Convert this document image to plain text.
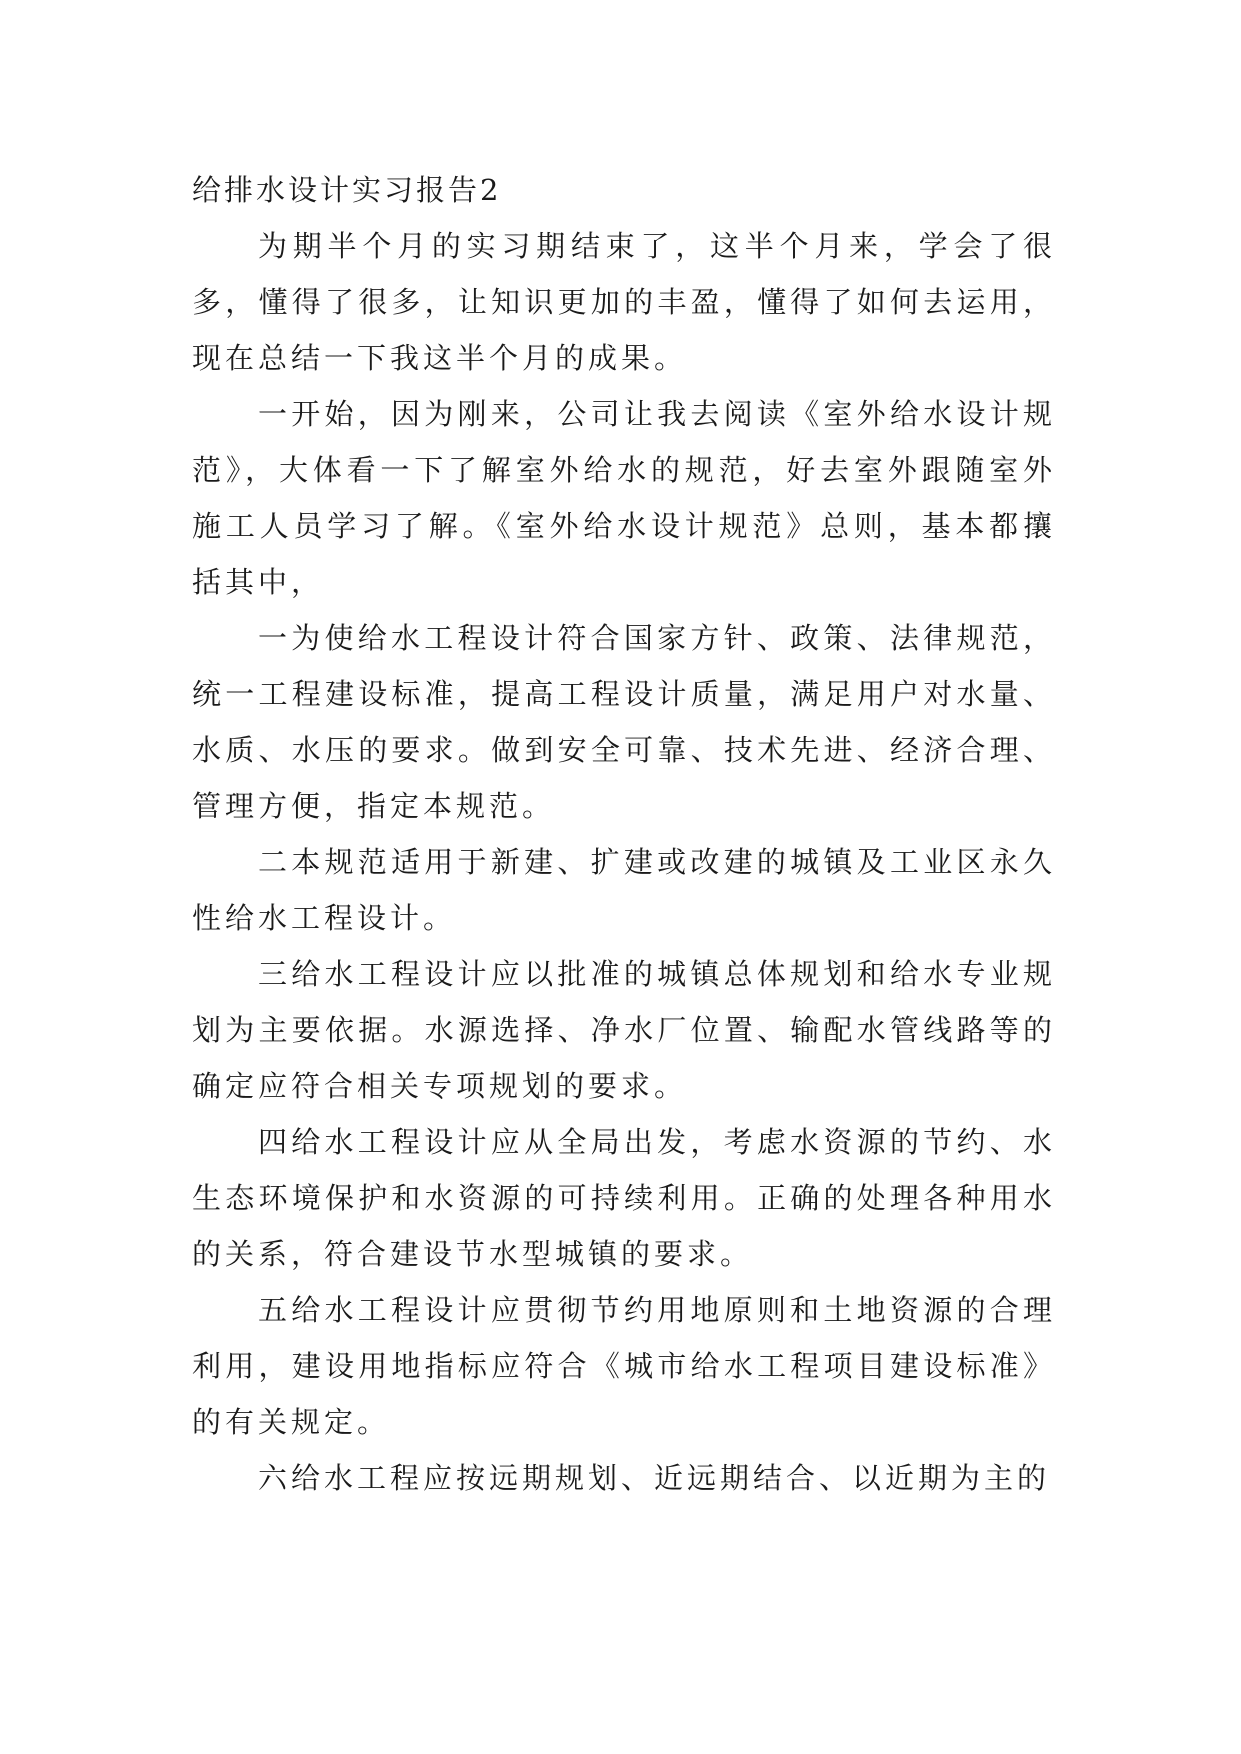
给排水设计实习报告2

为期半个月的实习期结束了，这半个月来，学会了很多，懂得了很多，让知识更加的丰盈，懂得了如何去运用，现在总结一下我这半个月的成果。

一开始，因为刚来，公司让我去阅读《室外给水设计规范》，大体看一下了解室外给水的规范，好去室外跟随室外施工人员学习了解。《室外给水设计规范》总则，基本都攘括其中，

一为使给水工程设计符合国家方针、政策、法律规范，统一工程建设标准，提高工程设计质量，满足用户对水量、水质、水压的要求。做到安全可靠、技术先进、经济合理、管理方便，指定本规范。

二本规范适用于新建、扩建或改建的城镇及工业区永久性给水工程设计。

三给水工程设计应以批准的城镇总体规划和给水专业规划为主要依据。水源选择、净水厂位置、输配水管线路等的确定应符合相关专项规划的要求。

四给水工程设计应从全局出发，考虑水资源的节约、水生态环境保护和水资源的可持续利用。正确的处理各种用水的关系，符合建设节水型城镇的要求。

五给水工程设计应贯彻节约用地原则和土地资源的合理利用，建设用地指标应符合《城市给水工程项目建设标准》的有关规定。

六给水工程应按远期规划、近远期结合、以近期为主的
